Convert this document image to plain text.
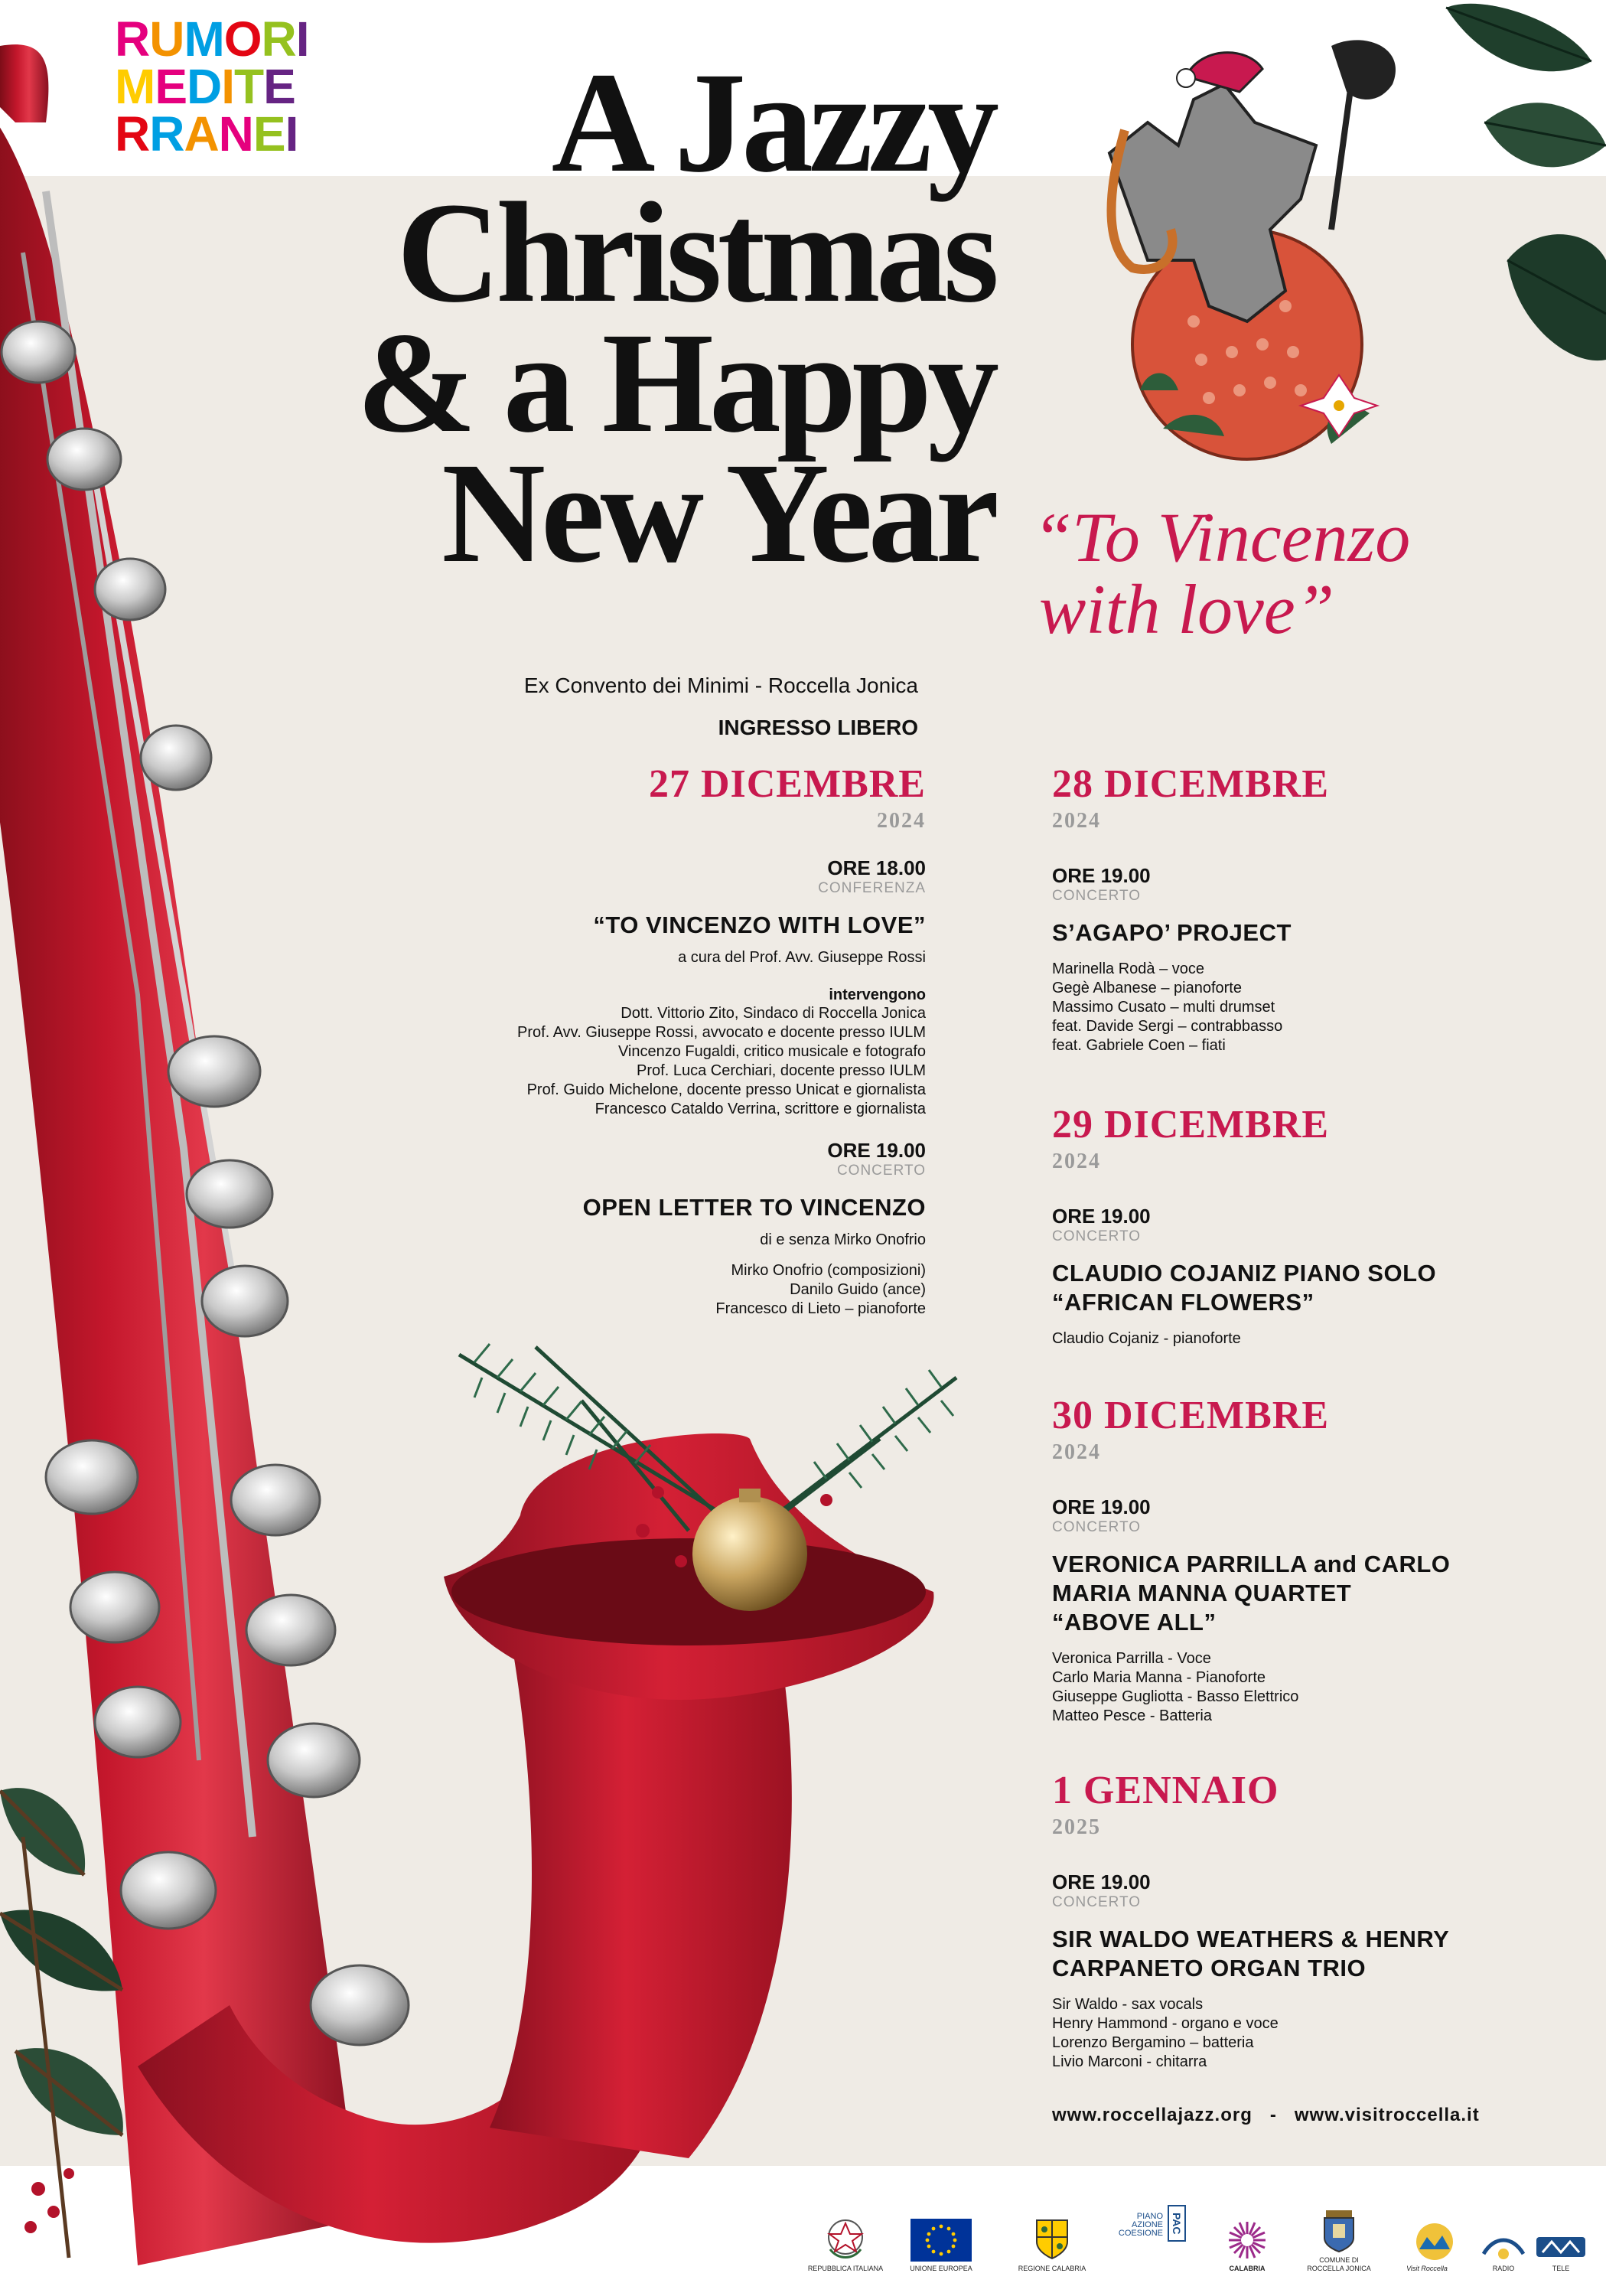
R U M O R I
M E D I T E
R R A N E I	A Jazzy
Christmas
& a Happy
New Year “To Vincenzo
with love”
Ex Convento dei Minimi - Roccella Jonica
INGRESSO LIBERO
27 DICEMBRE
2024
ORE 18.00
CONFERENZA
“TO VINCENZO WITH LOVE”
a cura del Prof. Avv. Giuseppe Rossi
intervengono
Dott. Vittorio Zito, Sindaco di Roccella Jonica
Prof. Avv. Giuseppe Rossi, avvocato e docente presso IULM
Vincenzo Fugaldi, critico musicale e fotografo
Prof. Luca Cerchiari, docente presso IULM
Prof. Guido Michelone, docente presso Unicat e giornalista
Francesco Cataldo Verrina, scrittore e giornalista
ORE 19.00
CONCERTO
OPEN LETTER TO VINCENZO
di e senza Mirko Onofrio
Mirko Onofrio (composizioni)
Danilo Guido (ance)
Francesco di Lieto – pianoforte
28 DICEMBRE
2024
ORE 19.00
CONCERTO
S’AGAPO’ PROJECT
Marinella Rodà – voce
Gegè Albanese – pianoforte
Massimo Cusato – multi drumset
feat. Davide Sergi – contrabbasso
feat. Gabriele Coen – fiati
29 DICEMBRE
2024
ORE 19.00
CONCERTO
CLAUDIO COJANIZ PIANO SOLO
“AFRICAN FLOWERS”
Claudio Cojaniz - pianoforte
30 DICEMBRE
2024
ORE 19.00
CONCERTO
VERONICA PARRILLA and CARLO
MARIA MANNA QUARTET
“ABOVE ALL”
Veronica Parrilla - Voce
Carlo Maria Manna - Pianoforte
Giuseppe Gugliotta - Basso Elettrico
Matteo Pesce - Batteria
1 GENNAIO
2025
ORE 19.00
CONCERTO
SIR WALDO WEATHERS & HENRY
CARPANETO ORGAN TRIO
Sir Waldo - sax vocals
Henry Hammond - organo e voce
Lorenzo Bergamino – batteria
Livio Marconi - chitarra
www.roccellajazz.org   -   www.visitroccella.it
REPUBBLICA ITALIANA	UNIONE EUROPEA	REGIONE CALABRIA
PIANO AZIONE COESIONE PAC
CALABRIA
COMUNE DI ROCCELLA JONICA	Visit Roccella	RADIO	TELE
